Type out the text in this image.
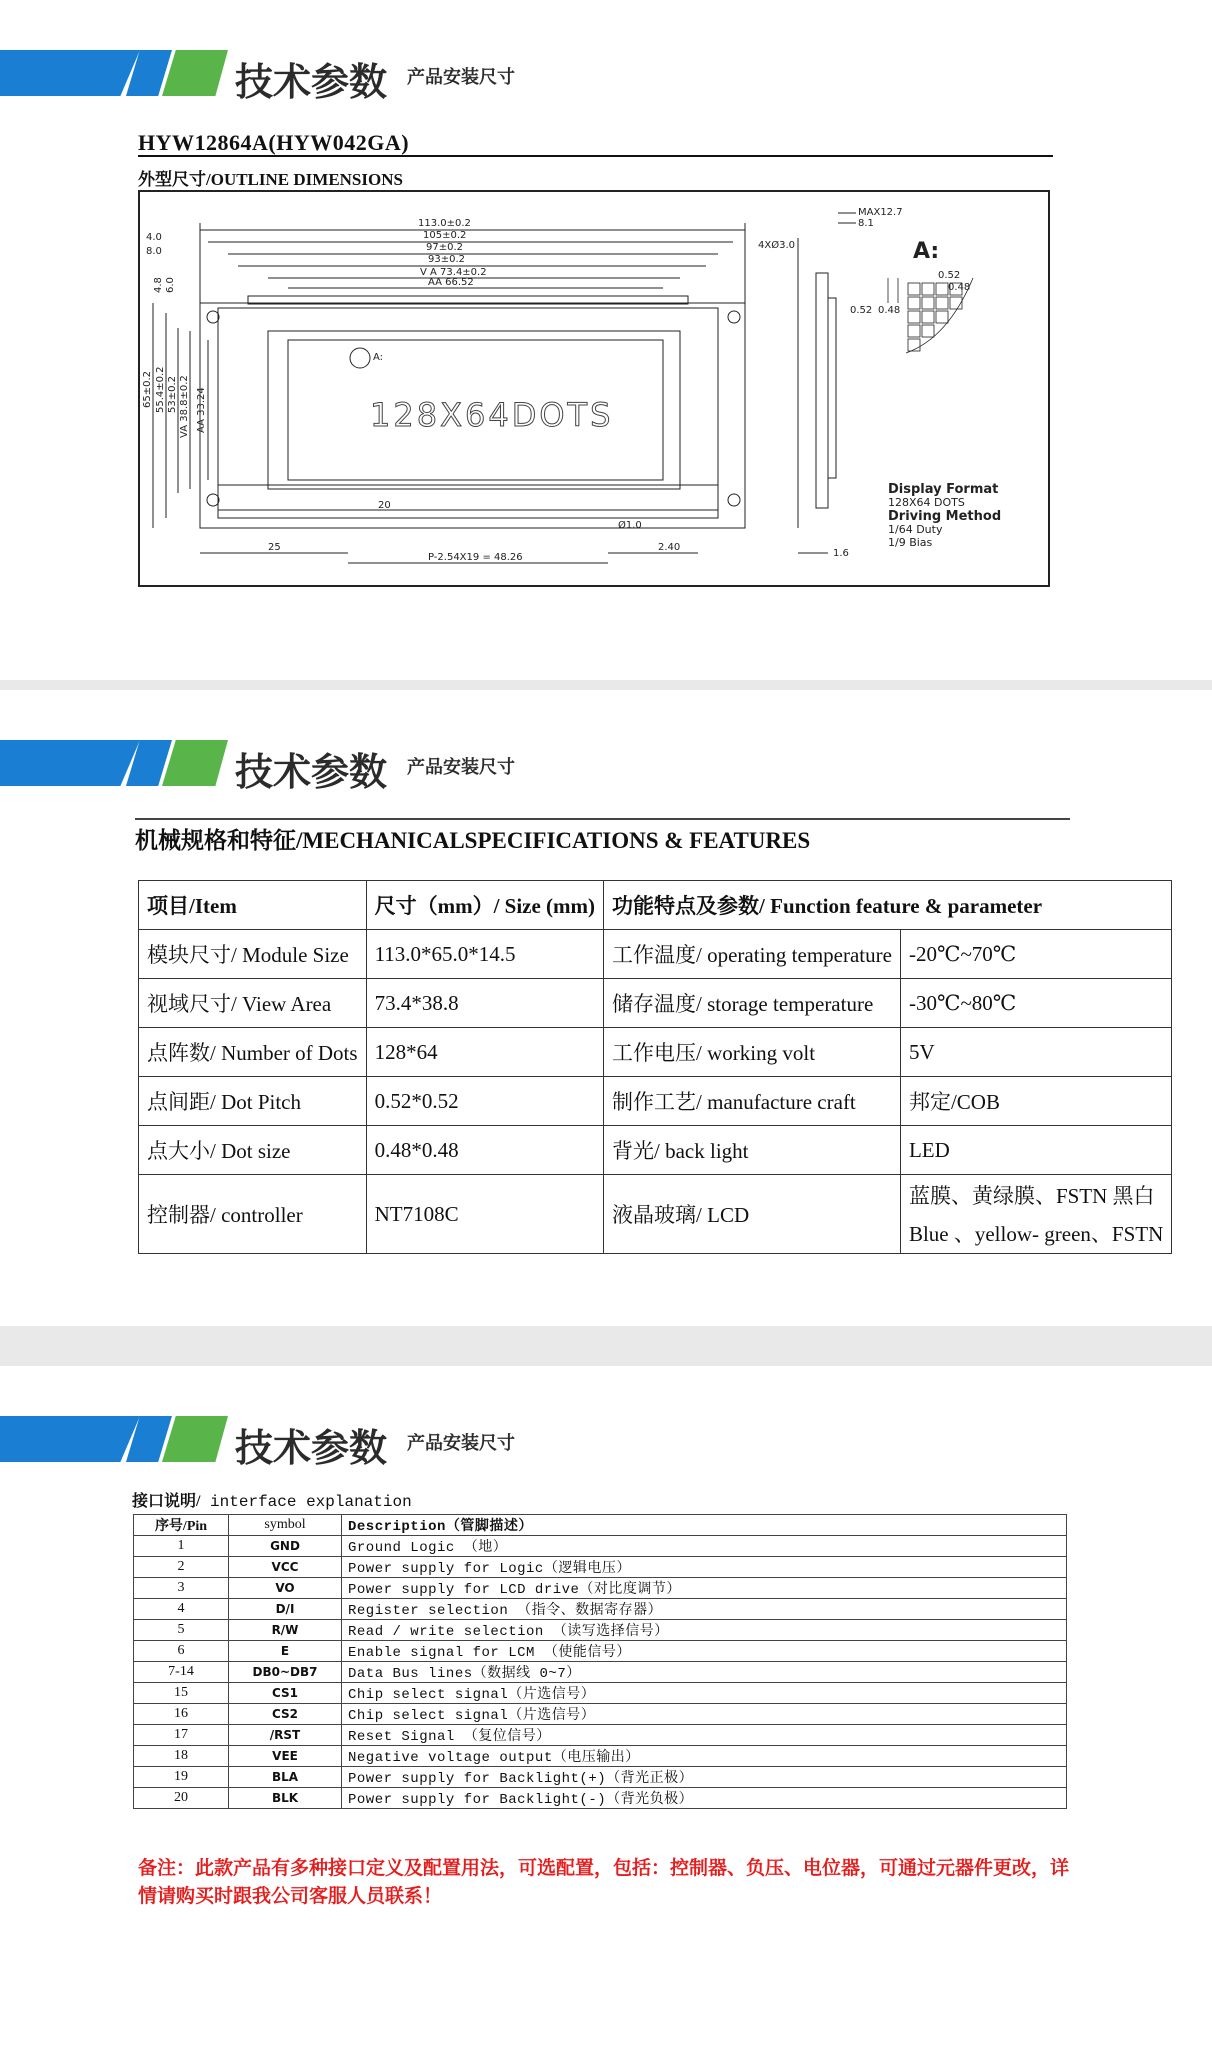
技术参数 产品安装尺寸
HYW12864A(HYW042GA)
外型尺寸/OUTLINE DIMENSIONS
113.0±0.2
105±0.2
97±0.2
93±0.2
V A 73.4±0.2
AA 66.52
4.0
8.0
65±0.2 55.4±0.2 53±0.2 VA 38.8±0.2 AA 33.24
4.8 6.0
A:
4XØ3.0
MAX12.7
8.1
25
P-2.54X19 = 48.26
2.40
Ø1.0
20
1.6
0.52
0.48
0.52 0.48
A:
Display Format
128X64 DOTS
Driving Method
1/64 Duty
1/9 Bias
128X64DOTS
技术参数 产品安装尺寸
机械规格和特征/MECHANICALSPECIFICATIONS & FEATURES
项目/Item	尺寸（mm）/ Size (mm)	功能特点及参数/ Function feature & parameter	
模块尺寸/ Module Size	113.0*65.0*14.5	工作温度/ operating temperature	-20℃~70℃
视域尺寸/ View Area	73.4*38.8	储存温度/ storage temperature	-30℃~80℃
点阵数/ Number of Dots	128*64	工作电压/ working volt	5V
点间距/ Dot Pitch	0.52*0.52	制作工艺/ manufacture craft	邦定/COB
点大小/ Dot size	0.48*0.48	背光/ back light	LED
控制器/ controller	NT7108C	液晶玻璃/ LCD	蓝膜、黄绿膜、FSTN 黑白
Blue 、yellow- green、FSTN
技术参数 产品安装尺寸
接口说明/ interface explanation
序号/Pin	symbol	Description（管脚描述）
1	GND	Ground Logic （地）
2	VCC	Power supply for Logic（逻辑电压）
3	VO	Power supply for LCD drive（对比度调节）
4	D/I	Register selection （指令、数据寄存器）
5	R/W	Read / write selection （读写选择信号）
6	E	Enable signal for LCM （使能信号）
7-14	DB0~DB7	Data Bus lines（数据线 0~7）
15	CS1	Chip select signal（片选信号）
16	CS2	Chip select signal（片选信号）
17	/RST	Reset Signal （复位信号）
18	VEE	Negative voltage output（电压输出）
19	BLA	Power supply for Backlight(+)（背光正极）
20	BLK	Power supply for Backlight(-)（背光负极）
备注：此款产品有多种接口定义及配置用法，可选配置，包括：控制器、负压、电位器，可通过元器件更改，详情请购买时跟我公司客服人员联系！
